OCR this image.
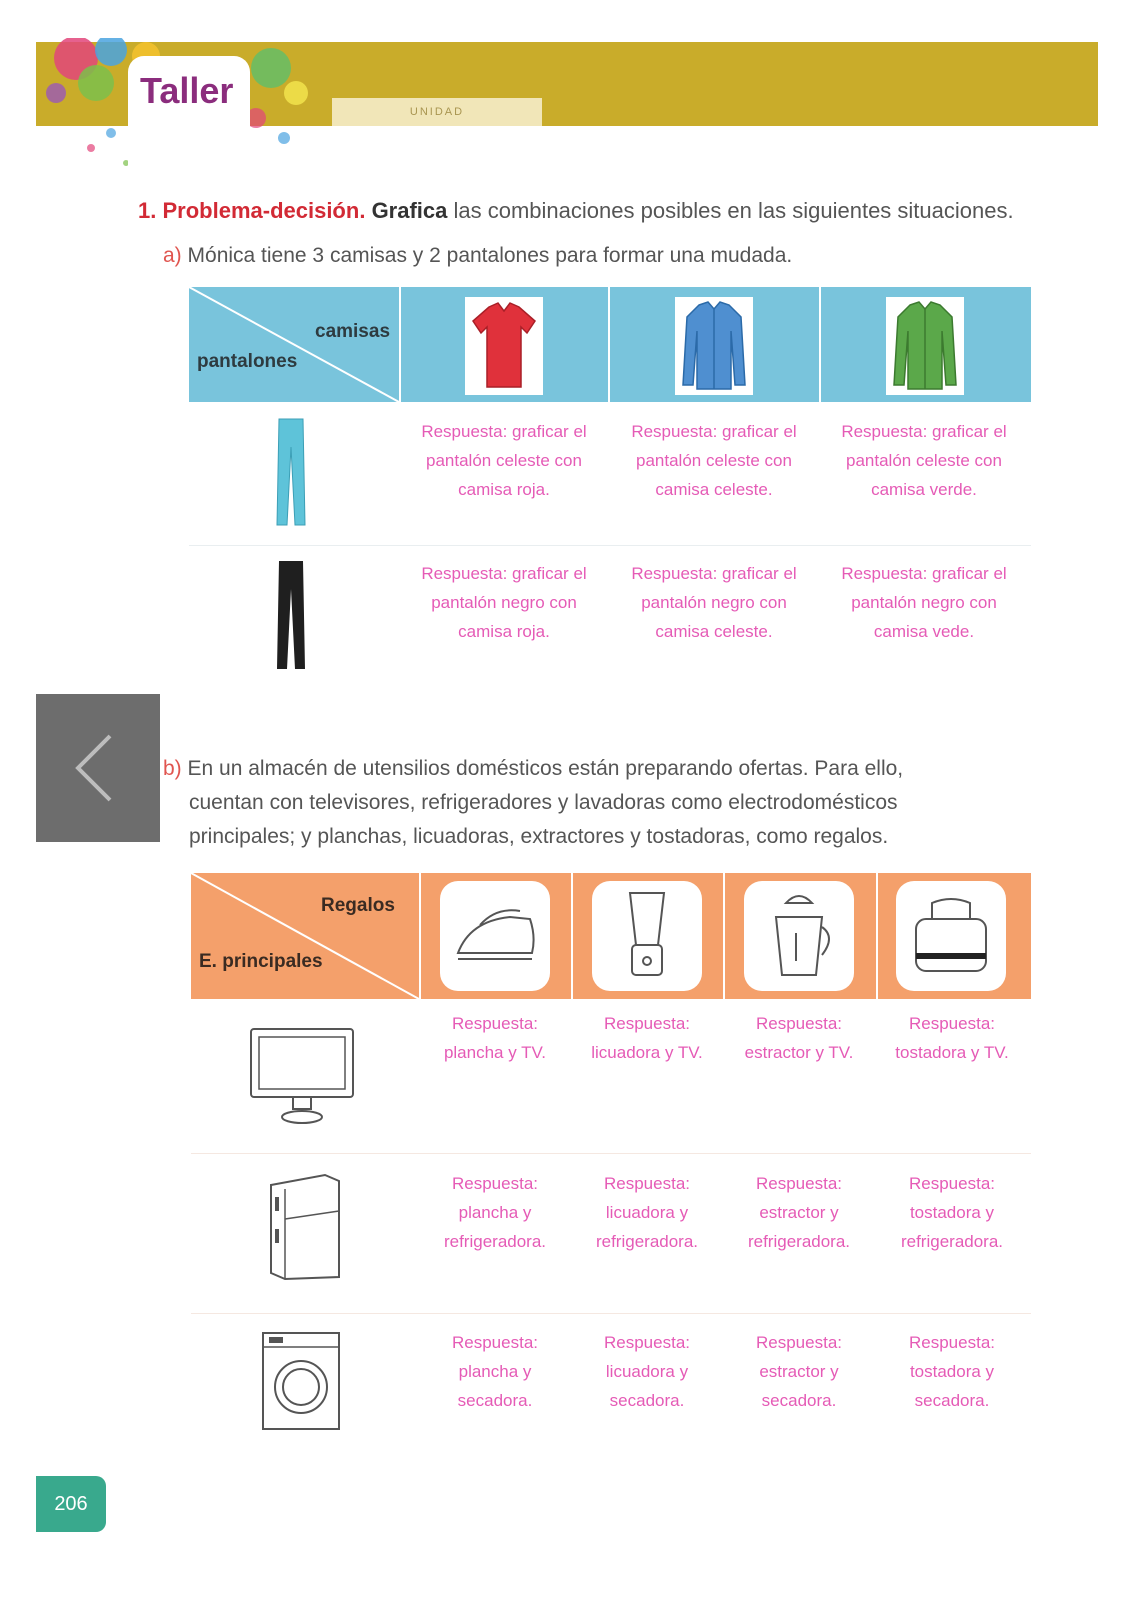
Taller
UNIDAD
1. Problema-decisión. Grafica las combinaciones posibles en las siguientes situaciones.
a) Mónica tiene 3 camisas y 2 pantalones para formar una mudada.
camisas
pantalones
Respuesta: graficar el pantalón celeste con camisa roja.
Respuesta: graficar el pantalón celeste con camisa celeste.
Respuesta: graficar el pantalón celeste con camisa verde.
Respuesta: graficar el pantalón negro con camisa roja.
Respuesta: graficar el pantalón negro con camisa celeste.
Respuesta: graficar el pantalón negro con camisa vede.
b) En un almacén de utensilios domésticos están preparando ofertas. Para ello,
cuentan con televisores, refrigeradores y lavadoras como electrodomésticos
principales; y planchas, licuadoras, extractores y tostadoras, como regalos.
Regalos
E. principales
Respuesta: plancha y TV.
Respuesta: licuadora y TV.
Respuesta: estractor y TV.
Respuesta: tostadora y TV.
Respuesta: plancha y refrigeradora.
Respuesta: licuadora y refrigeradora.
Respuesta: estractor y refrigeradora.
Respuesta: tostadora y refrigeradora.
Respuesta: plancha y secadora.
Respuesta: licuadora y secadora.
Respuesta: estractor y secadora.
Respuesta: tostadora y secadora.
206
